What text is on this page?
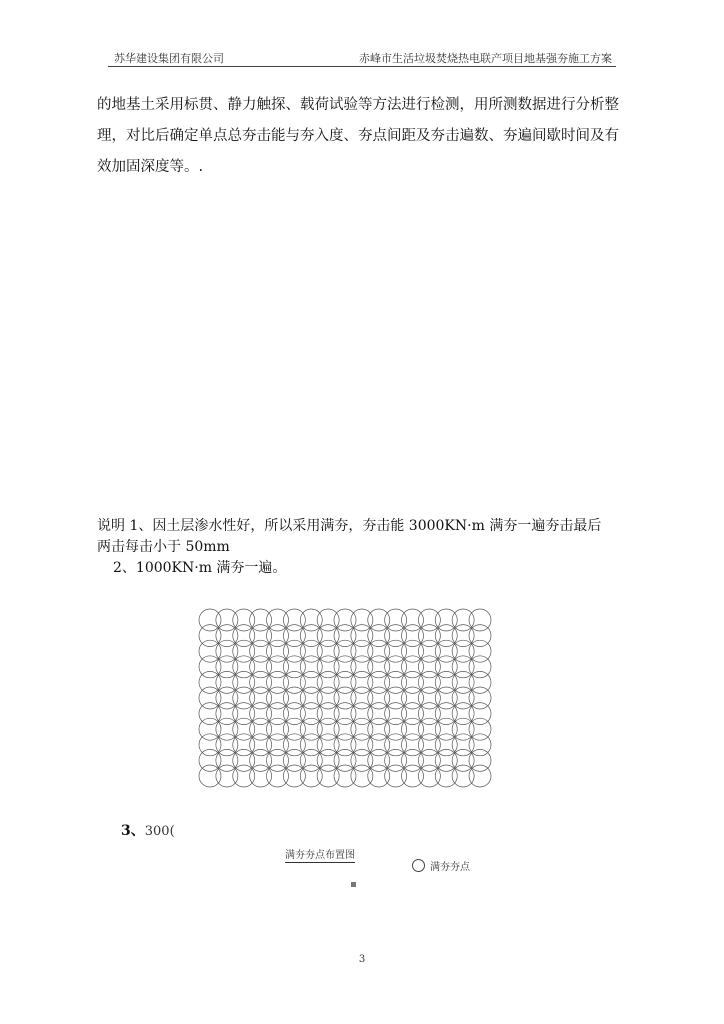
苏华建设集团有限公司	赤峰市生活垃圾焚烧热电联产项目地基强夯施工方案
的地基土采用标贯、静力触探、载荷试验等方法进行检测，用所测数据进行分析整理，对比后确定单点总夯击能与夯入度、夯点间距及夯击遍数、夯遍间歇时间及有效加固深度等。.
说明 1、因土层渗水性好，所以采用满夯，夯击能 3000KN·m 满夯一遍夯击最后
两击每击小于 50mm
2、1000KN·m 满夯一遍。
3、300(
满夯夯点布置图
满夯夯点
3
